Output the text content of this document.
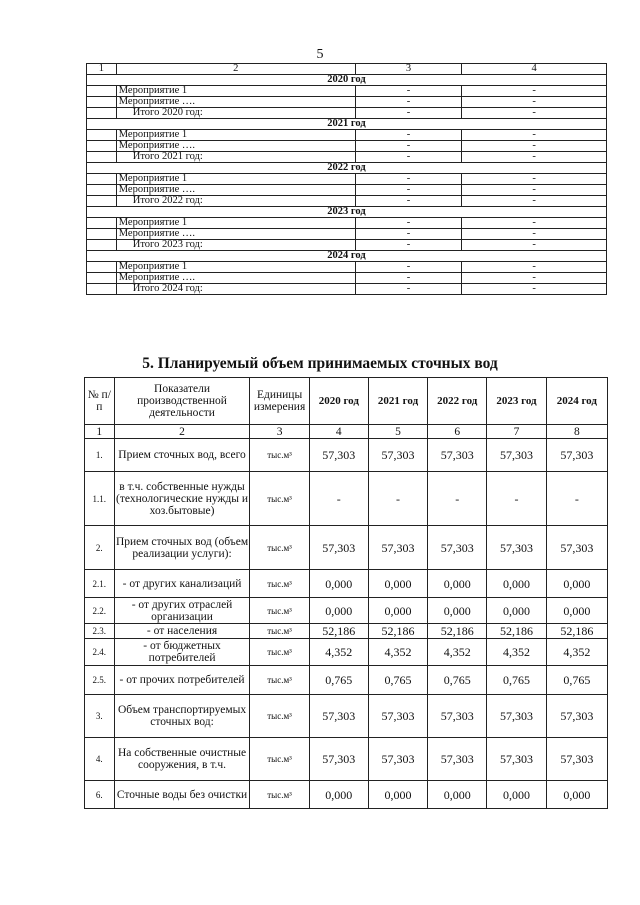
5
1	2	3	4
2020 год			
	Мероприятие 1	-	-
	Мероприятие ….	-	-
	Итого 2020 год:	-	-
2021 год			
	Мероприятие 1	-	-
	Мероприятие ….	-	-
	Итого 2021 год:	-	-
2022 год			
	Мероприятие 1	-	-
	Мероприятие ….	-	-
	Итого 2022 год:	-	-
2023 год			
	Мероприятие 1	-	-
	Мероприятие ….	-	-
	Итого 2023 год:	-	-
2024 год			
	Мероприятие 1	-	-
	Мероприятие ….	-	-
	Итого 2024 год:	-	-
5. Планируемый объем принимаемых сточных вод
№ п/п	Показатели производственной деятельности	Единицы измерения	2020 год	2021 год	2022 год	2023 год	2024 год
1	2	3	4	5	6	7	8
1.	Прием сточных вод, всего	тыс.м³	57,303	57,303	57,303	57,303	57,303
1.1.	в т.ч. собственные нужды (технологические нужды и хоз.бытовые)	тыс.м³	-	-	-	-	-
2.	Прием сточных вод (объем реализации услуги):	тыс.м³	57,303	57,303	57,303	57,303	57,303
2.1.	- от других канализаций	тыс.м³	0,000	0,000	0,000	0,000	0,000
2.2.	- от других отраслей организации	тыс.м³	0,000	0,000	0,000	0,000	0,000
2.3.	- от населения	тыс.м³	52,186	52,186	52,186	52,186	52,186
2.4.	- от бюджетных потребителей	тыс.м³	4,352	4,352	4,352	4,352	4,352
2.5.	- от прочих потребителей	тыс.м³	0,765	0,765	0,765	0,765	0,765
3.	Объем транспортируемых сточных вод:	тыс.м³	57,303	57,303	57,303	57,303	57,303
4.	На собственные очистные сооружения, в т.ч.	тыс.м³	57,303	57,303	57,303	57,303	57,303
6.	Сточные воды без очистки	тыс.м³	0,000	0,000	0,000	0,000	0,000
